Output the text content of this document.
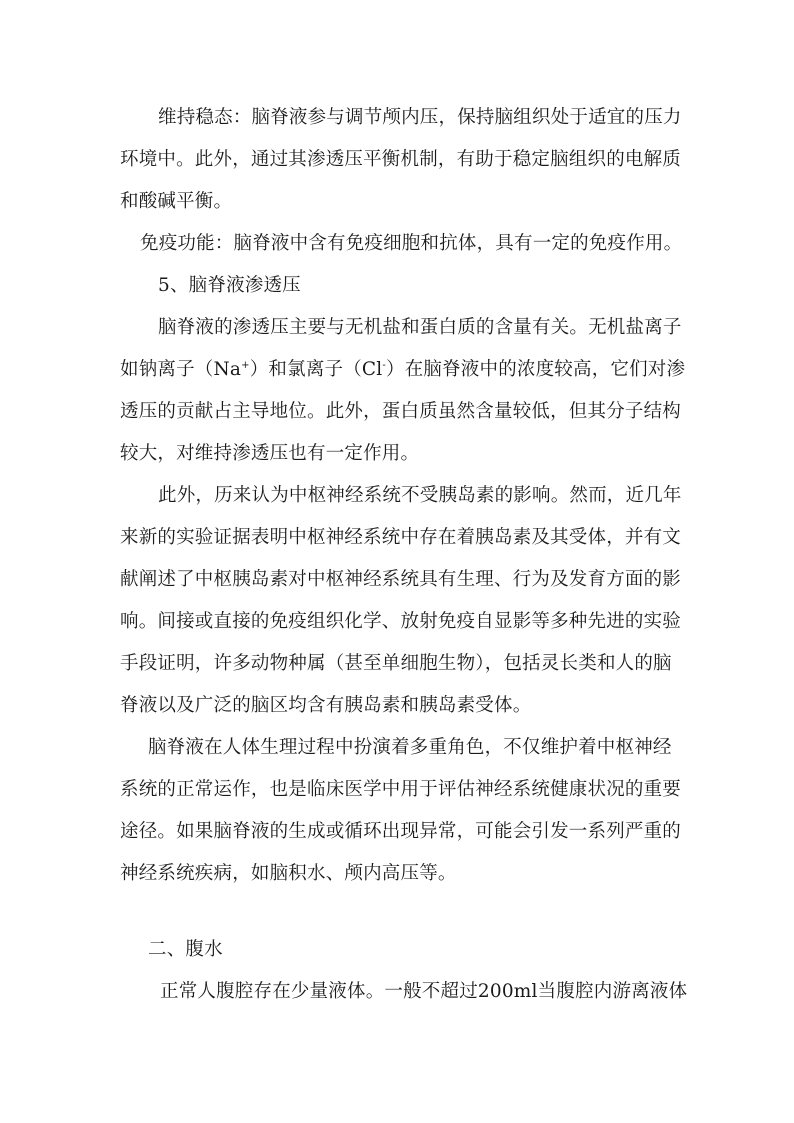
维持稳态：脑脊液参与调节颅内压，保持脑组织处于适宜的压力
环境中。此外，通过其渗透压平衡机制，有助于稳定脑组织的电解质
和酸碱平衡。
免疫功能：脑脊液中含有免疫细胞和抗体，具有一定的免疫作用。
5、脑脊液渗透压
脑脊液的渗透压主要与无机盐和蛋白质的含量有关。无机盐离子
如钠离子（Na+）和氯离子（Cl-）在脑脊液中的浓度较高，它们对渗
透压的贡献占主导地位。此外，蛋白质虽然含量较低，但其分子结构
较大，对维持渗透压也有一定作用。
此外，历来认为中枢神经系统不受胰岛素的影响。然而，近几年
来新的实验证据表明中枢神经系统中存在着胰岛素及其受体，并有文
献阐述了中枢胰岛素对中枢神经系统具有生理、行为及发育方面的影
响。间接或直接的免疫组织化学、放射免疫自显影等多种先进的实验
手段证明，许多动物种属（甚至单细胞生物），包括灵长类和人的脑
脊液以及广泛的脑区均含有胰岛素和胰岛素受体。
脑脊液在人体生理过程中扮演着多重角色，不仅维护着中枢神经
系统的正常运作，也是临床医学中用于评估神经系统健康状况的重要
途径。如果脑脊液的生成或循环出现异常，可能会引发一系列严重的
神经系统疾病，如脑积水、颅内高压等。
二、腹水
正常人腹腔存在少量液体。一般不超过200ml当腹腔内游离液体
